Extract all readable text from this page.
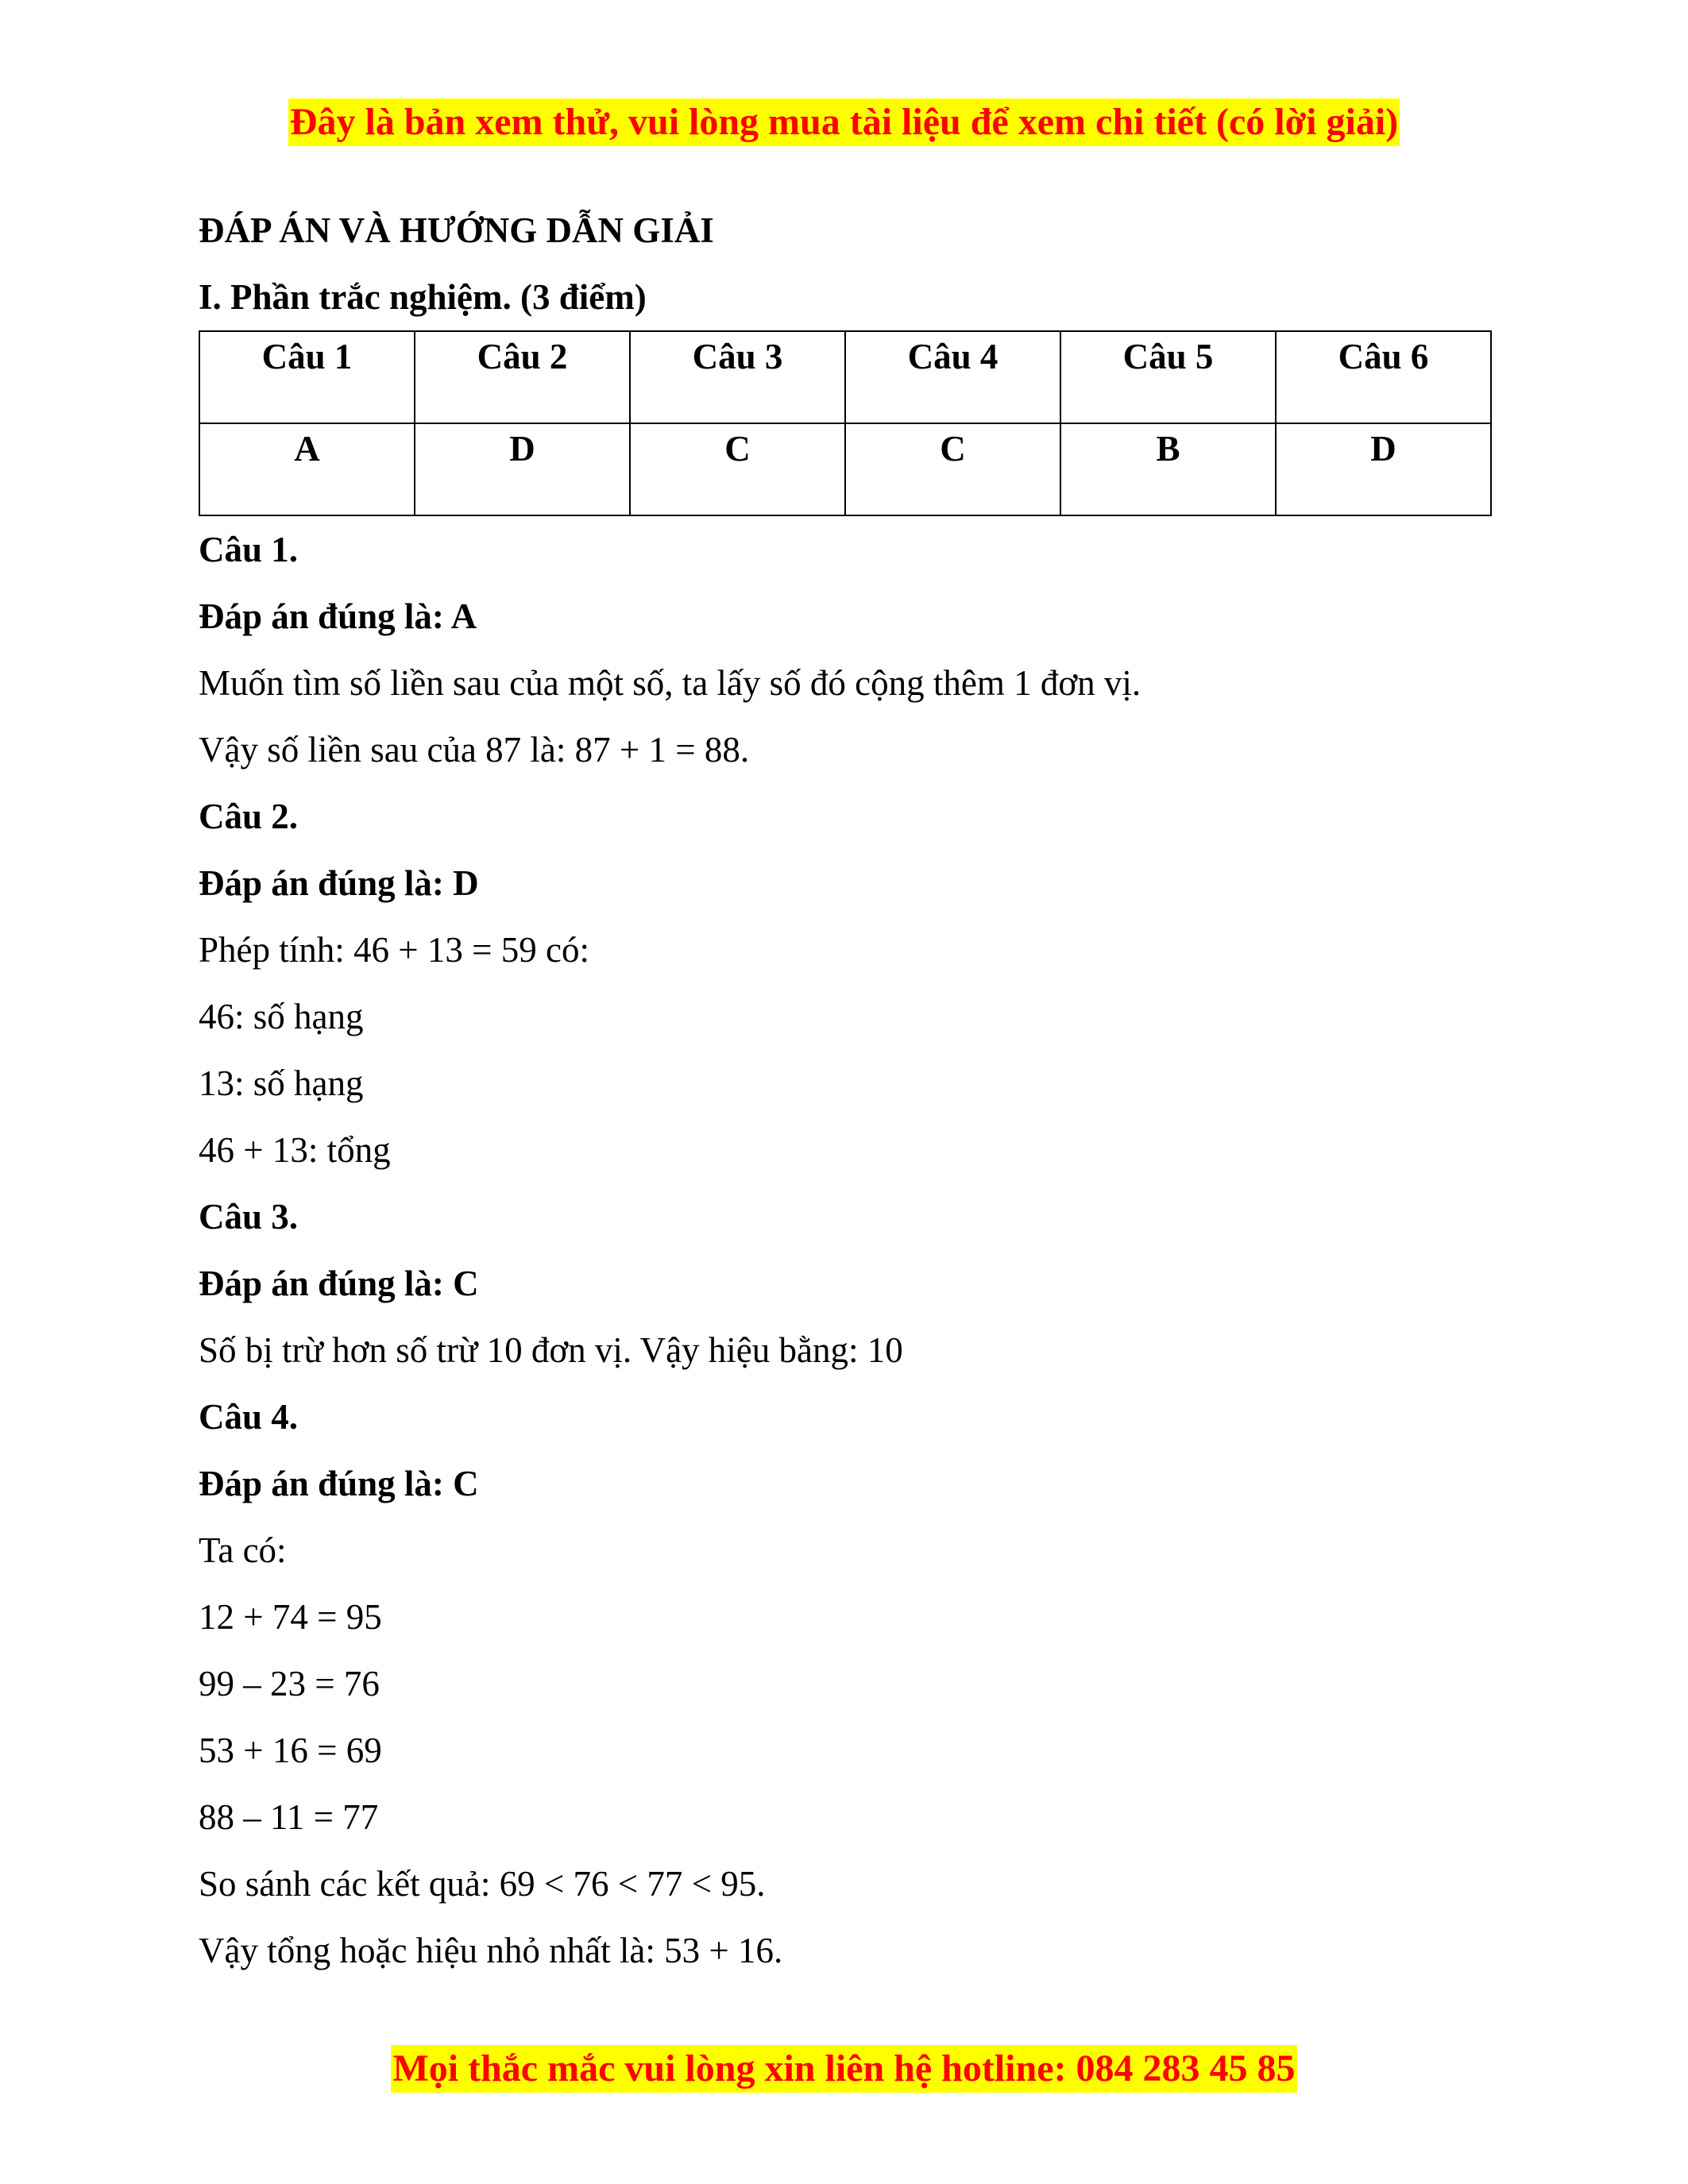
Đây là bản xem thử, vui lòng mua tài liệu để xem chi tiết (có lời giải)
ĐÁP ÁN VÀ HƯỚNG DẪN GIẢI
I. Phần trắc nghiệm. (3 điểm)
Câu 1	Câu 2	Câu 3	Câu 4	Câu 5	Câu 6
A	D	C	C	B	D
Câu 1.
Đáp án đúng là: A
Muốn tìm số liền sau của một số, ta lấy số đó cộng thêm 1 đơn vị.
Vậy số liền sau của 87 là: 87 + 1 = 88.
Câu 2.
Đáp án đúng là: D
Phép tính: 46 + 13 = 59 có:
46: số hạng
13: số hạng
46 + 13: tổng
Câu 3.
Đáp án đúng là: C
Số bị trừ hơn số trừ 10 đơn vị. Vậy hiệu bằng: 10
Câu 4.
Đáp án đúng là: C
Ta có:
12 + 74 = 95
99 – 23 = 76
53 + 16 = 69
88 – 11 = 77
So sánh các kết quả: 69 < 76 < 77 < 95.
Vậy tổng hoặc hiệu nhỏ nhất là: 53 + 16.
Mọi thắc mắc vui lòng xin liên hệ hotline: 084 283 45 85
